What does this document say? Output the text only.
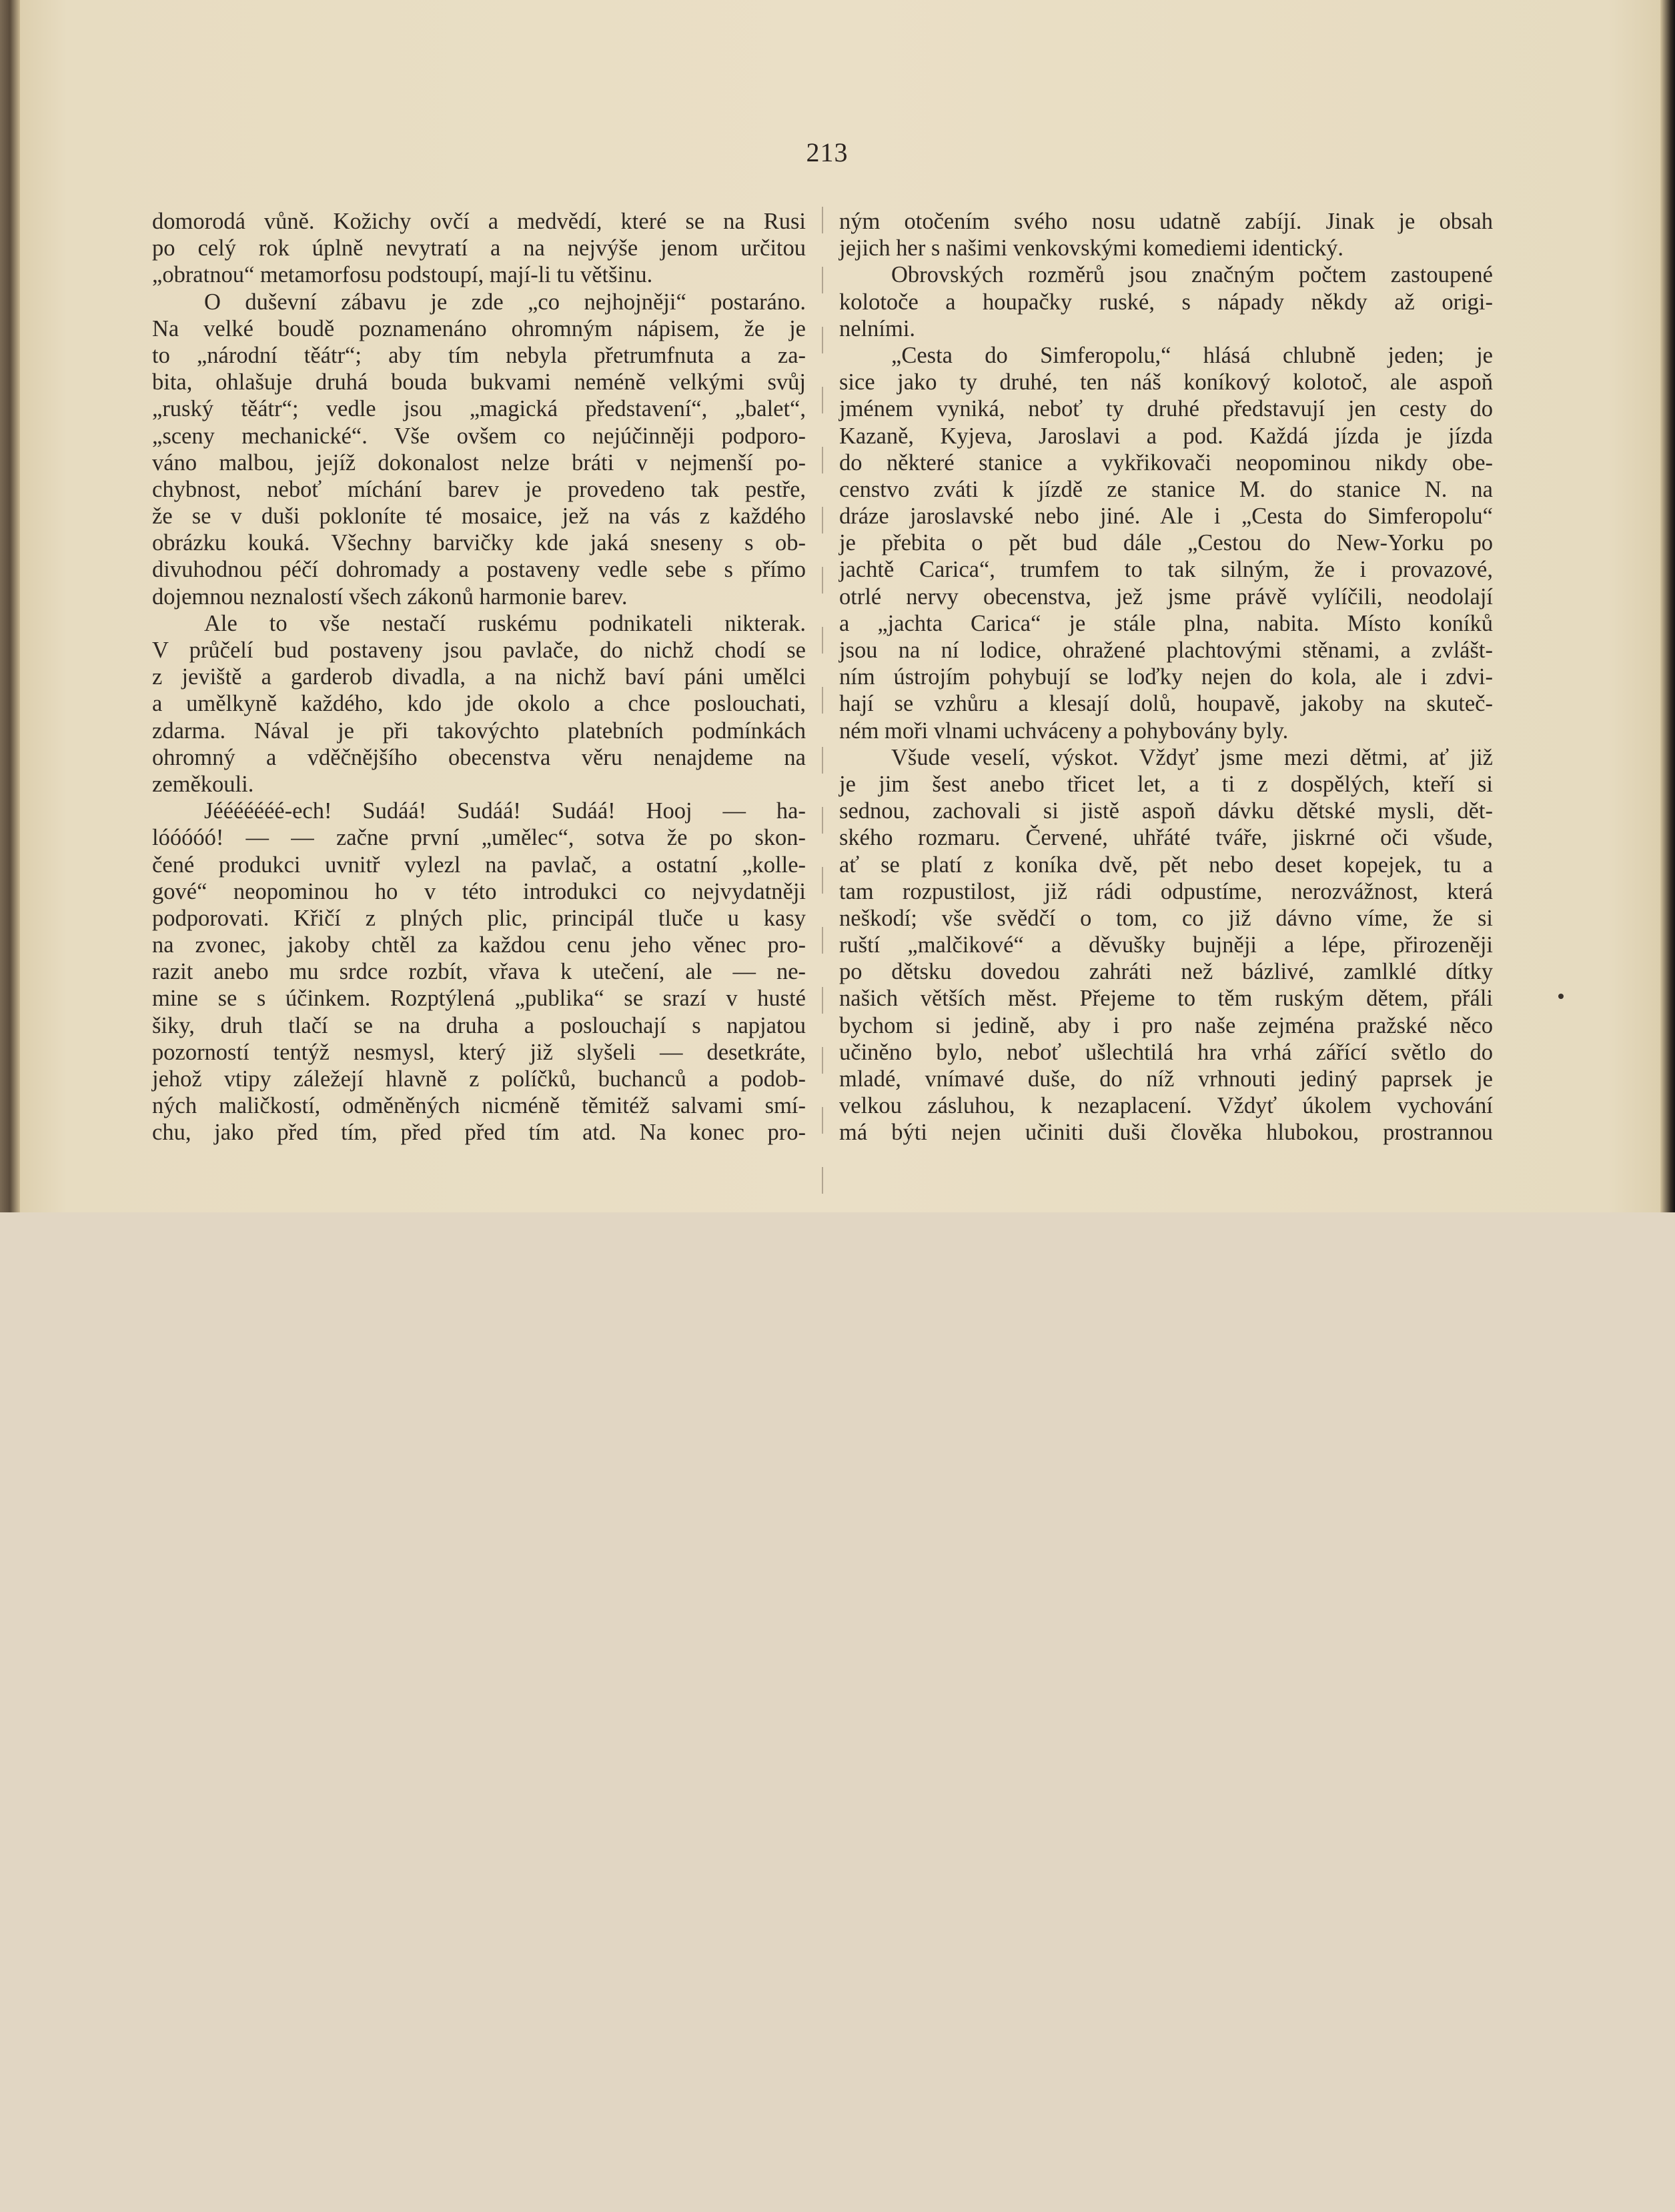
213
domorodá vůně. Kožichy ovčí a medvědí, které se na Rusi
po celý rok úplně nevytratí a na nejvýše jenom určitou
„obratnou“ metamorfosu podstoupí, mají-li tu většinu.
O duševní zábavu je zde „co nejhojněji“ postaráno.
Na velké boudě poznamenáno ohromným nápisem, že je
to „národní těátr“; aby tím nebyla přetrumfnuta a za-
bita, ohlašuje druhá bouda bukvami neméně velkými svůj
„ruský těátr“; vedle jsou „magická představení“, „balet“,
„sceny mechanické“. Vše ovšem co nejúčinněji podporo-
váno malbou, jejíž dokonalost nelze bráti v nejmenší po-
chybnost, neboť míchání barev je provedeno tak pestře,
že se v duši pokloníte té mosaice, jež na vás z každého
obrázku kouká. Všechny barvičky kde jaká sneseny s ob-
divuhodnou péčí dohromady a postaveny vedle sebe s přímo
dojemnou neznalostí všech zákonů harmonie barev.
Ale to vše nestačí ruskému podnikateli nikterak.
V průčelí bud postaveny jsou pavlače, do nichž chodí se
z jeviště a garderob divadla, a na nichž baví páni umělci
a umělkyně každého, kdo jde okolo a chce poslouchati,
zdarma. Nával je při takovýchto platebních podmínkách
ohromný a vděčnějšího obecenstva věru nenajdeme na
zeměkouli.
Jééééééé-ech! Sudáá! Sudáá! Sudáá! Hooj — ha-
lóóóóó! — — začne první „umělec“, sotva že po skon-
čené produkci uvnitř vylezl na pavlač, a ostatní „kolle-
gové“ neopominou ho v této introdukci co nejvydatněji
podporovati. Křičí z plných plic, principál tluče u kasy
na zvonec, jakoby chtěl za každou cenu jeho věnec pro-
razit anebo mu srdce rozbít, vřava k utečení, ale — ne-
mine se s účinkem. Rozptýlená „publika“ se srazí v husté
šiky, druh tlačí se na druha a poslouchají s napjatou
pozorností tentýž nesmysl, který již slyšeli — desetkráte,
jehož vtipy záležejí hlavně z políčků, buchanců a podob-
ných maličkostí, odměněných nicméně těmitéž salvami smí-
chu, jako před tím, před před tím atd. Na konec pro-
ným otočením svého nosu udatně zabíjí. Jinak je obsah
jejich her s našimi venkovskými komediemi identický.
Obrovských rozměrů jsou značným počtem zastoupené
kolotoče a houpačky ruské, s nápady někdy až origi-
nelními.
„Cesta do Simferopolu,“ hlásá chlubně jeden; je
sice jako ty druhé, ten náš koníkový kolotoč, ale aspoň
jménem vyniká, neboť ty druhé představují jen cesty do
Kazaně, Kyjeva, Jaroslavi a pod. Každá jízda je jízda
do některé stanice a vykřikovači neopominou nikdy obe-
censtvo zváti k jízdě ze stanice M. do stanice N. na
dráze jaroslavské nebo jiné. Ale i „Cesta do Simferopolu“
je přebita o pět bud dále „Cestou do New-Yorku po
jachtě Carica“, trumfem to tak silným, že i provazové,
otrlé nervy obecenstva, jež jsme právě vylíčili, neodolají
a „jachta Carica“ je stále plna, nabita. Místo koníků
jsou na ní lodice, ohražené plachtovými stěnami, a zvlášt-
ním ústrojím pohybují se loďky nejen do kola, ale i zdvi-
hají se vzhůru a klesají dolů, houpavě, jakoby na skuteč-
ném moři vlnami uchváceny a pohybovány byly.
Všude veselí, výskot. Vždyť jsme mezi dětmi, ať již
je jim šest anebo třicet let, a ti z dospělých, kteří si
sednou, zachovali si jistě aspoň dávku dětské mysli, dět-
ského rozmaru. Červené, uhřáté tváře, jiskrné oči všude,
ať se platí z koníka dvě, pět nebo deset kopejek, tu a
tam rozpustilost, již rádi odpustíme, nerozvážnost, která
neškodí; vše svědčí o tom, co již dávno víme, že si
ruští „malčikové“ a děvušky bujněji a lépe, přirozeněji
po dětsku dovedou zahráti než bázlivé, zamlklé dítky
našich větších měst. Přejeme to těm ruským dětem, přáli
bychom si jedině, aby i pro naše zejména pražské něco
učiněno bylo, neboť ušlechtilá hra vrhá zářící světlo do
mladé, vnímavé duše, do níž vrhnouti jediný paprsek je
velkou zásluhou, k nezaplacení. Vždyť úkolem vychování
má býti nejen učiniti duši člověka hlubokou, prostrannou
